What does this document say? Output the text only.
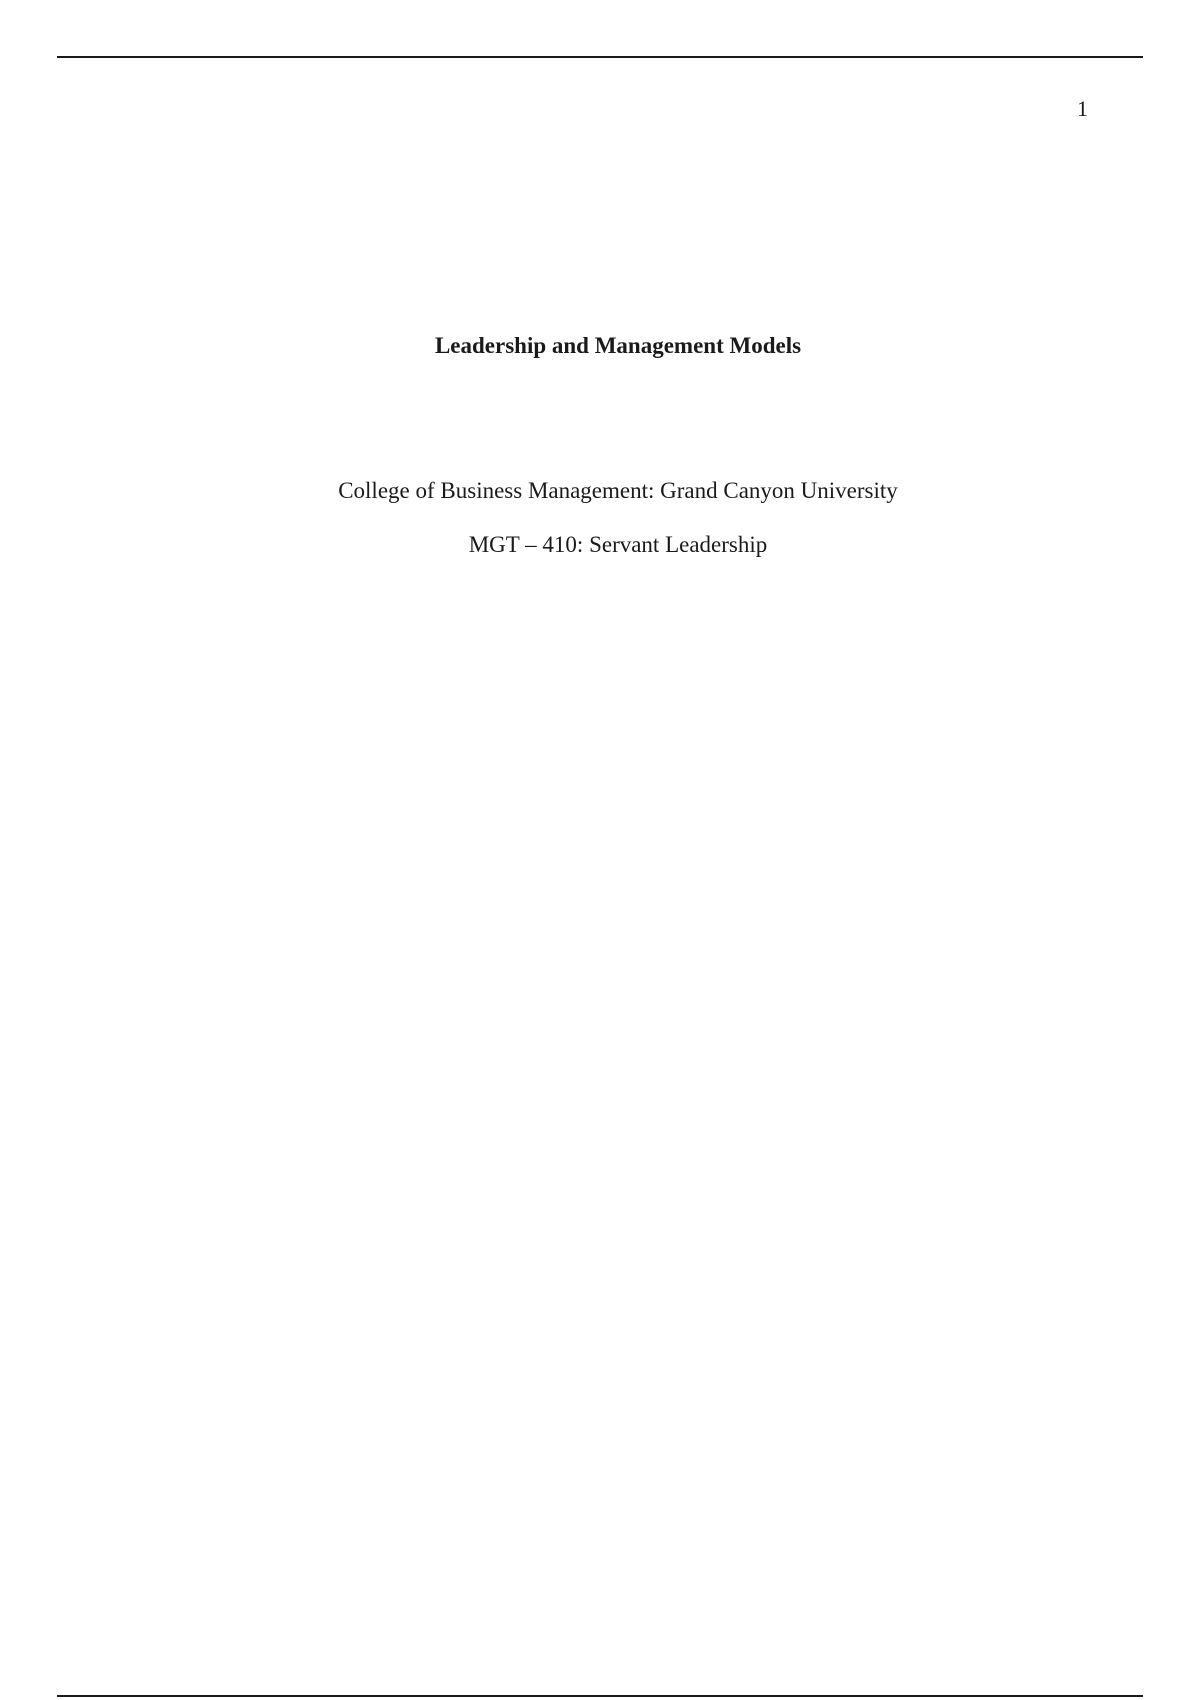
1
Leadership and Management Models
College of Business Management: Grand Canyon University
MGT – 410: Servant Leadership
